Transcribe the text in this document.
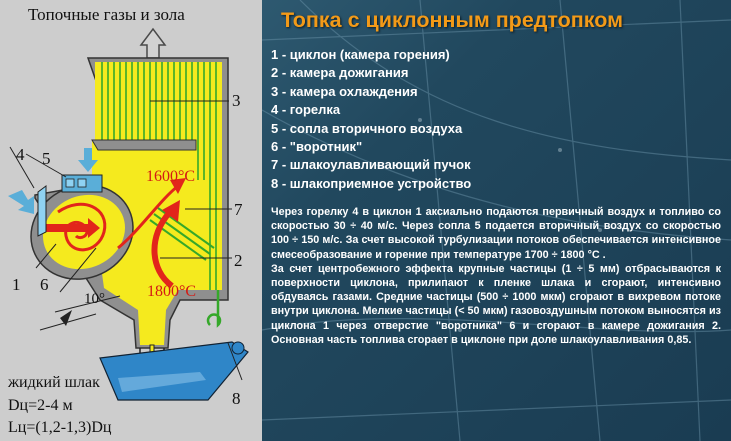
Топочные газы и зола
3
4 5
7
2
1 6
8
1600°С
1800°С
10°
жидкий шлак
Dц=2-4 м
Lц=(1,2-1,3)Dц
Топка с циклонным предтопком
1 - циклон (камера горения)
2 - камера дожигания
3 - камера охлаждения
4 - горелка
5 - сопла вторичного воздуха
6 - "воротник"
7 - шлакоулавливающий пучок
8 - шлакоприемное устройство

Через горелку 4 в циклон 1 аксиально подаются первичный воздух и топливо со скоростью 30 ÷ 40 м/с. Через сопла 5 подается вторичный воздух со скоростью 100 ÷ 150 м/с. За счет высокой турбулизации потоков обеспечивается интенсивное смесеобразование и горение при температуре 1700 ÷ 1800 °С .

За счет центробежного эффекта крупные частицы (1 ÷ 5 мм) отбрасываются к поверхности циклона, прилипают к пленке шлака и сгорают, интенсивно обдуваясь газами. Средние частицы (500 ÷ 1000 мкм) сгорают в вихревом потоке внутри циклона. Мелкие частицы (< 50 мкм) газовоздушным потоком выносятся из циклона 1 через отверстие "воротника" 6 и сгорают в камере дожигания 2. Основная часть топлива сгорает в циклоне при доле шлакоулавливания 0,85.
